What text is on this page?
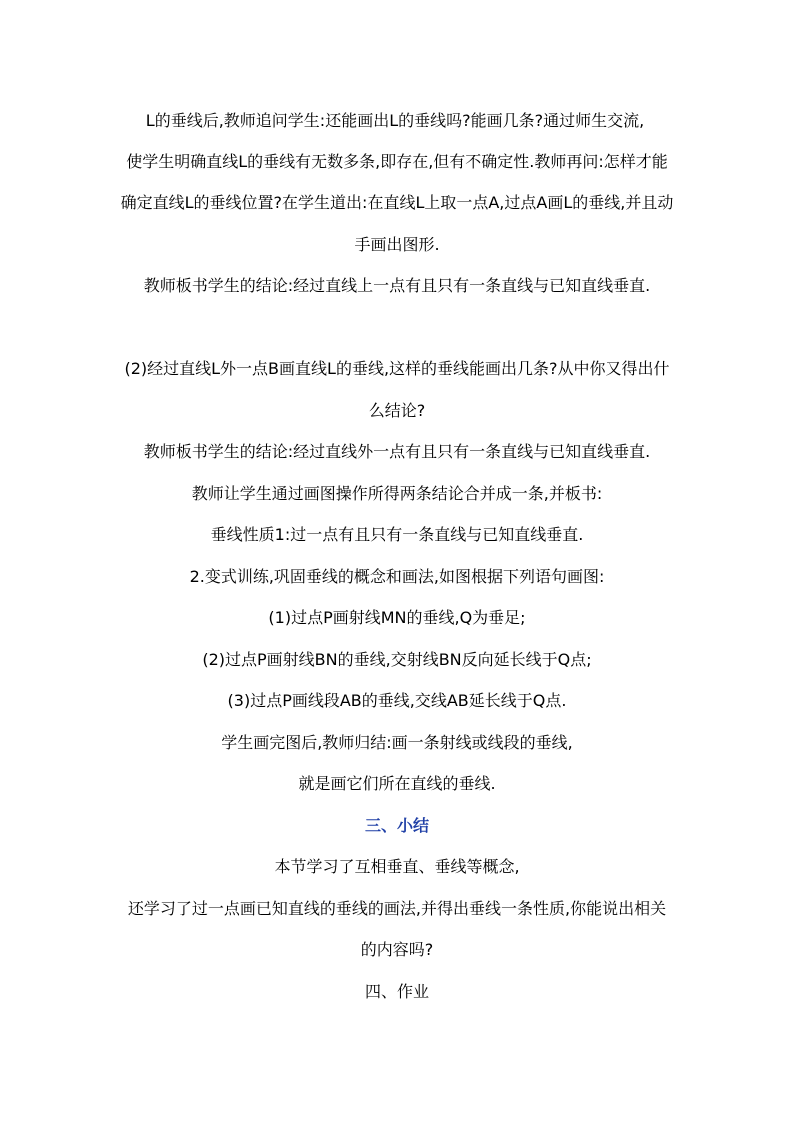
L的垂线后,教师追问学生:还能画出L的垂线吗?能画几条?通过师生交流,
使学生明确直线L的垂线有无数多条,即存在,但有不确定性.教师再问:怎样才能
确定直线L的垂线位置?在学生道出:在直线L上取一点A,过点A画L的垂线,并且动
手画出图形.
教师板书学生的结论:经过直线上一点有且只有一条直线与已知直线垂直.
(2)经过直线L外一点B画直线L的垂线,这样的垂线能画出几条?从中你又得出什
么结论?
教师板书学生的结论:经过直线外一点有且只有一条直线与已知直线垂直.
教师让学生通过画图操作所得两条结论合并成一条,并板书:
垂线性质1:过一点有且只有一条直线与已知直线垂直.
2.变式训练,巩固垂线的概念和画法,如图根据下列语句画图:
(1)过点P画射线MN的垂线,Q为垂足;
(2)过点P画射线BN的垂线,交射线BN反向延长线于Q点;
(3)过点P画线段AB的垂线,交线AB延长线于Q点.
学生画完图后,教师归结:画一条射线或线段的垂线,
就是画它们所在直线的垂线.
三、小结
本节学习了互相垂直、垂线等概念,
还学习了过一点画已知直线的垂线的画法,并得出垂线一条性质,你能说出相关
的内容吗?
四、作业
